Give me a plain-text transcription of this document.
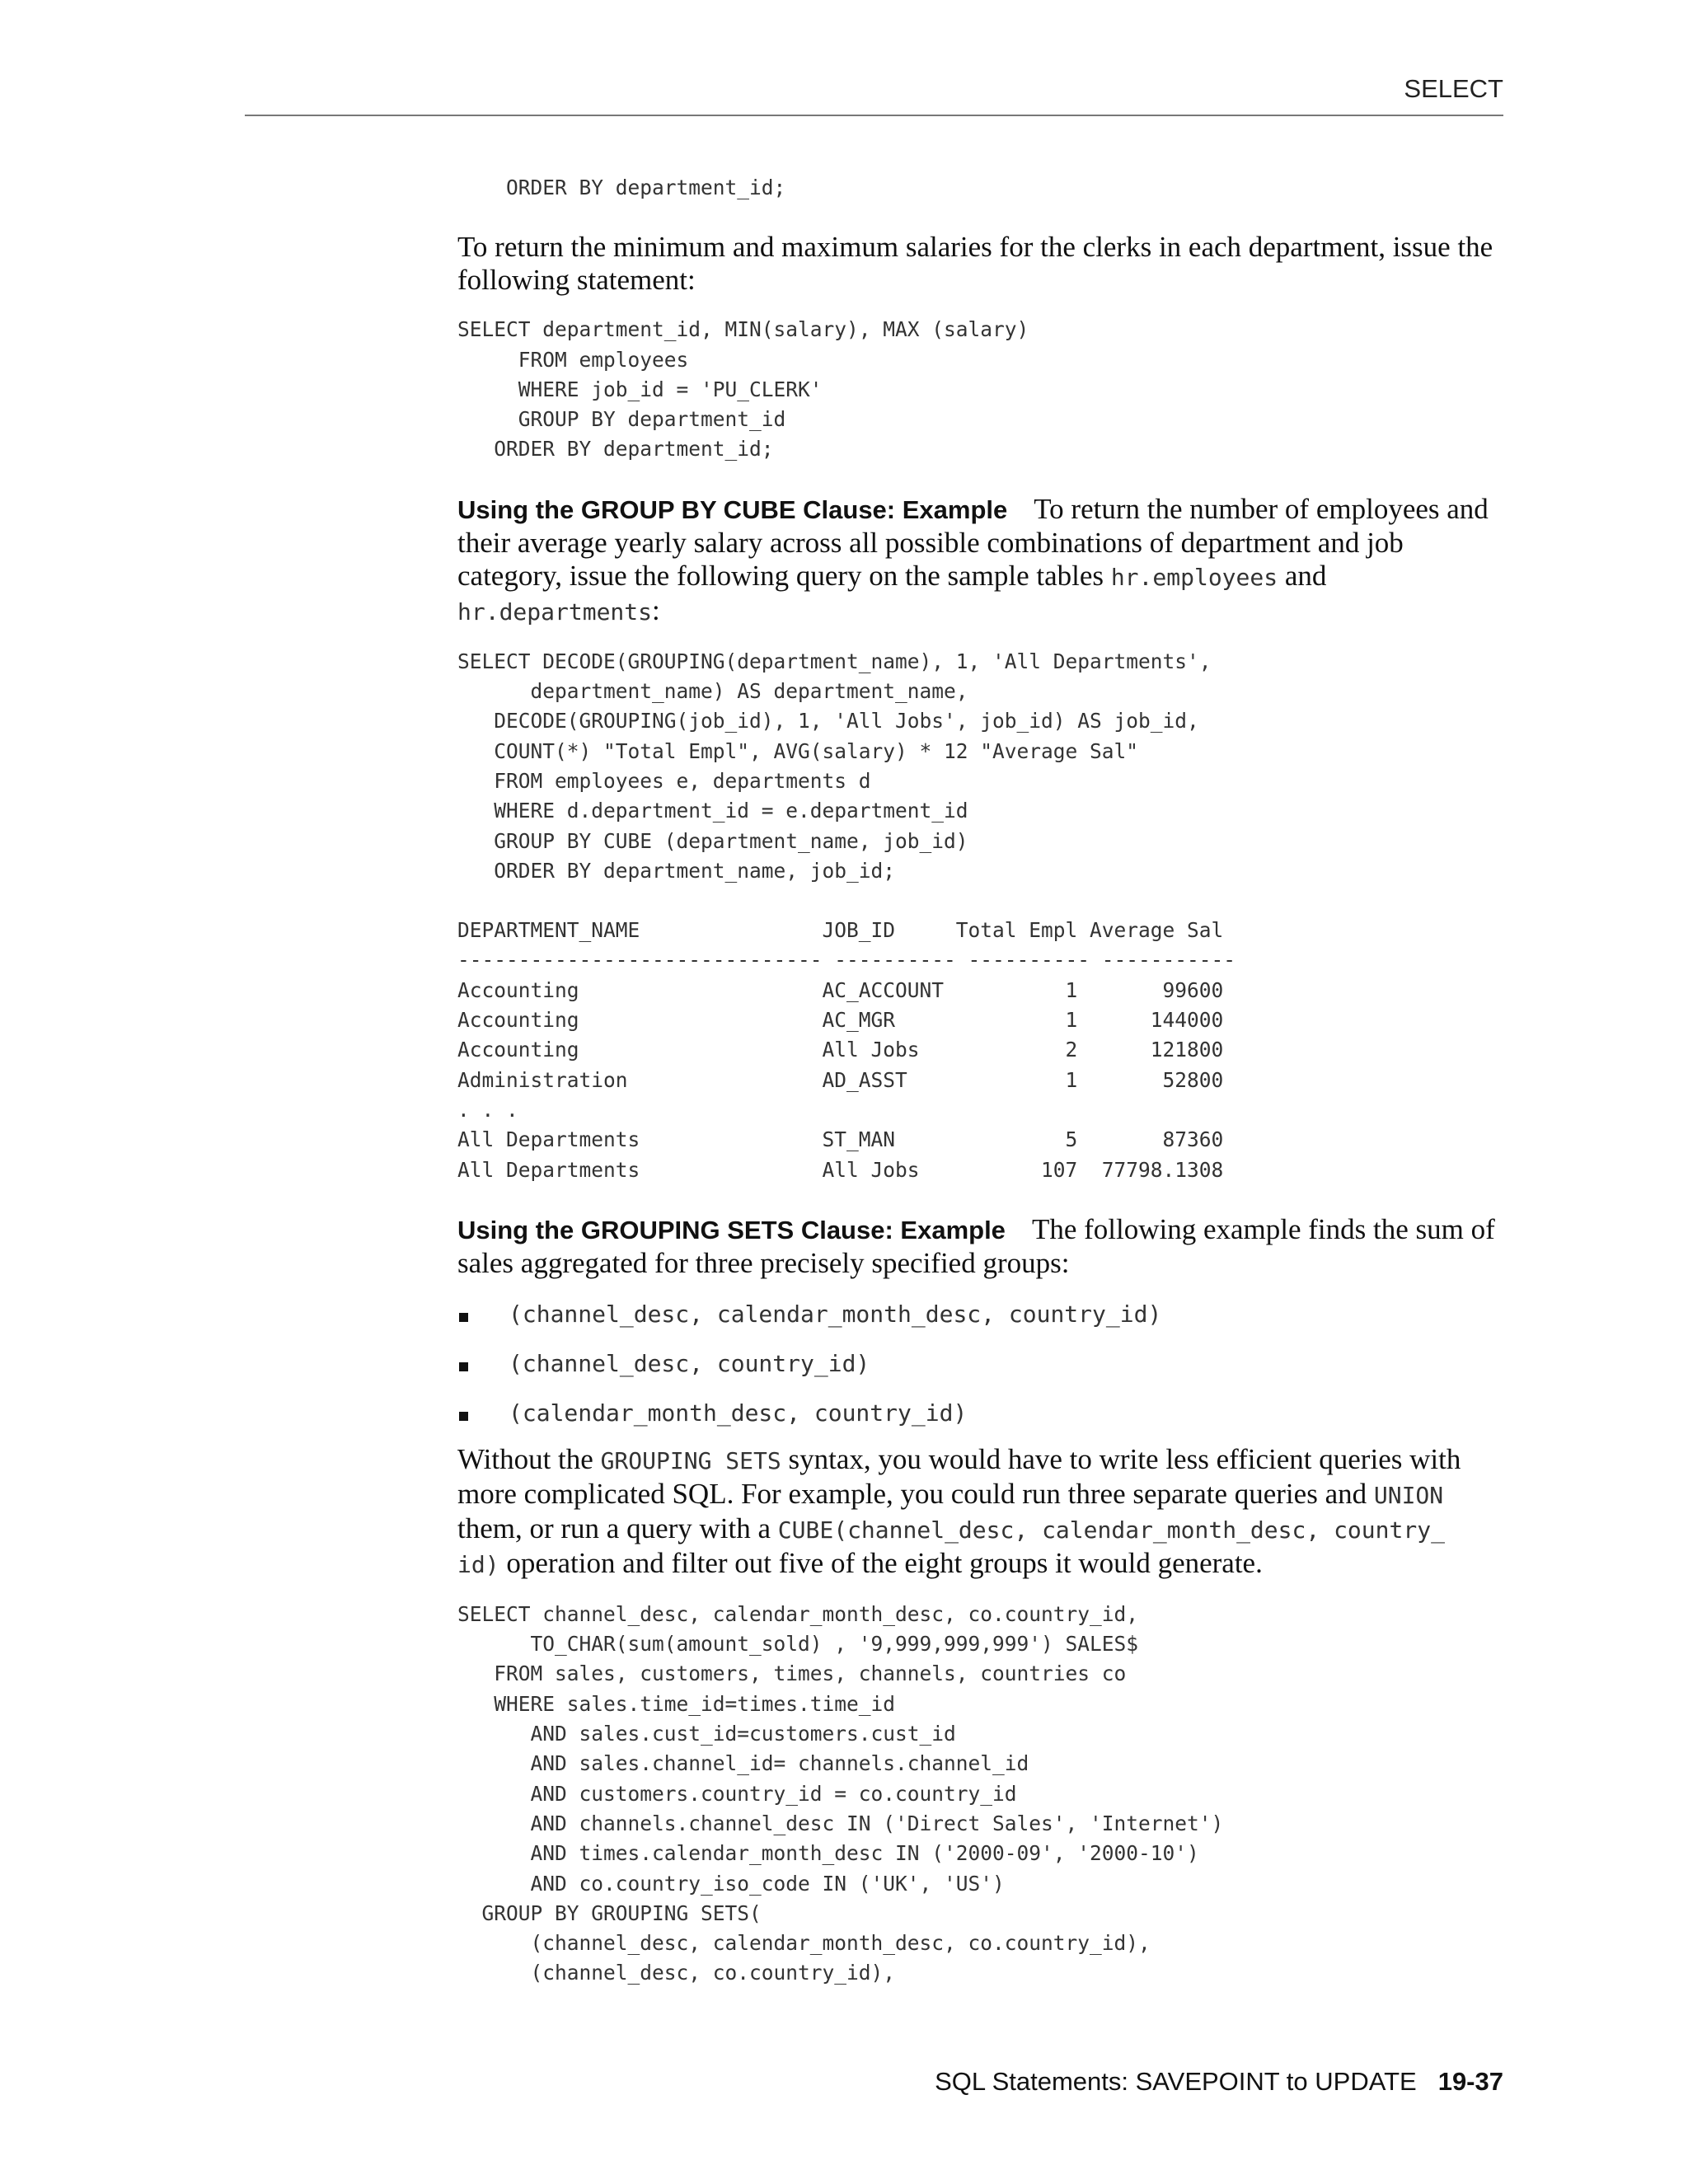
SELECT
ORDER BY department_id;

To return the minimum and maximum salaries for the clerks in each department, issue the following statement:

SELECT department_id, MIN(salary), MAX (salary)
FROM employees
WHERE job_id = 'PU_CLERK'
GROUP BY department_id
ORDER BY department_id;

Using the GROUP BY CUBE Clause: Example To return the number of employees and their average yearly salary across all possible combinations of department and job category, issue the following query on the sample tables hr.employees and hr.departments:

SELECT DECODE(GROUPING(department_name), 1, 'All Departments',
department_name) AS department_name,
DECODE(GROUPING(job_id), 1, 'All Jobs', job_id) AS job_id,
COUNT(*) "Total Empl", AVG(salary) * 12 "Average Sal"
FROM employees e, departments d
WHERE d.department_id = e.department_id
GROUP BY CUBE (department_name, job_id)
ORDER BY department_name, job_id;
DEPARTMENT_NAME               JOB_ID     Total Empl Average Sal
------------------------------ ---------- ---------- -----------
Accounting                    AC_ACCOUNT          1       99600
Accounting                    AC_MGR              1      144000
Accounting                    All Jobs            2      121800
Administration                AD_ASST             1       52800
. . .
All Departments               ST_MAN              5       87360
All Departments               All Jobs          107  77798.1308

Using the GROUPING SETS Clause: Example The following example finds the sum of sales aggregated for three precisely specified groups:

(channel_desc, calendar_month_desc, country_id)
(channel_desc, country_id)
(calendar_month_desc, country_id)

Without the GROUPING SETS syntax, you would have to write less efficient queries with more complicated SQL. For example, you could run three separate queries and UNION them, or run a query with a CUBE(channel_desc, calendar_month_desc, country_
id) operation and filter out five of the eight groups it would generate.

SELECT channel_desc, calendar_month_desc, co.country_id,
TO_CHAR(sum(amount_sold) , '9,999,999,999') SALES$
FROM sales, customers, times, channels, countries co
WHERE sales.time_id=times.time_id
AND sales.cust_id=customers.cust_id
AND sales.channel_id= channels.channel_id
AND customers.country_id = co.country_id
AND channels.channel_desc IN ('Direct Sales', 'Internet')
AND times.calendar_month_desc IN ('2000-09', '2000-10')
AND co.country_iso_code IN ('UK', 'US')
GROUP BY GROUPING SETS(
(channel_desc, calendar_month_desc, co.country_id),
(channel_desc, co.country_id),
SQL Statements: SAVEPOINT to UPDATE 19-37
